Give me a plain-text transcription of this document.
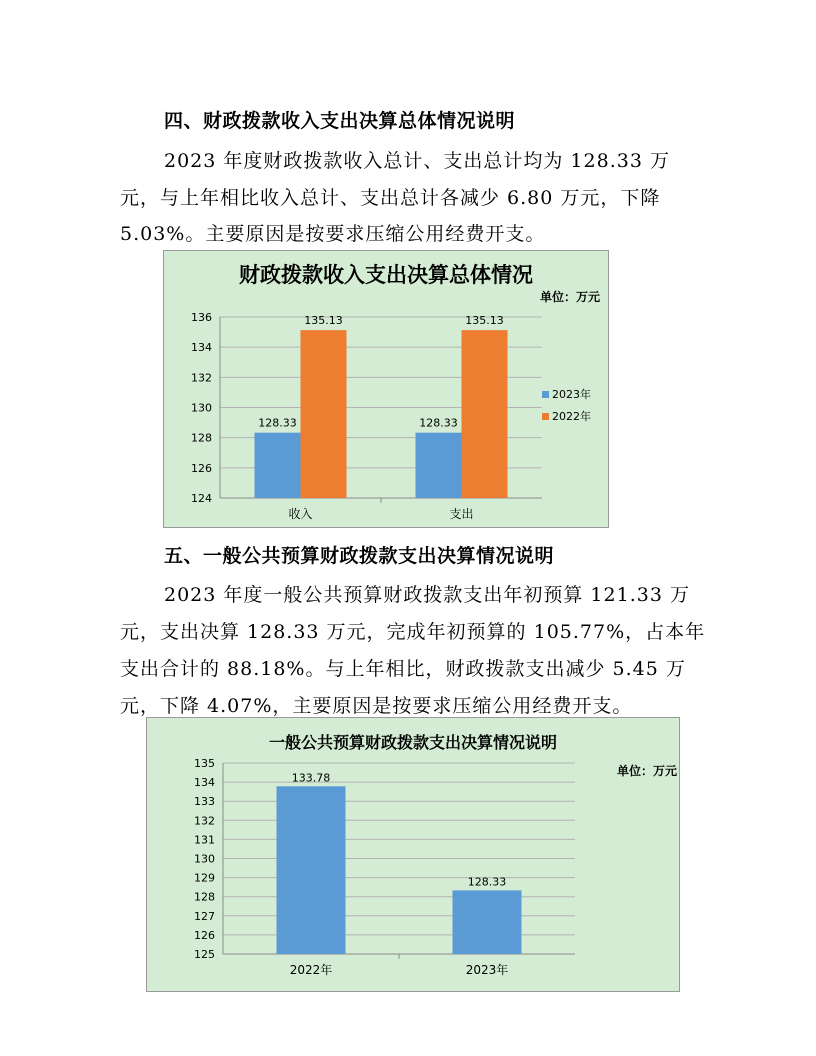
四、财政拨款收入支出决算总体情况说明
2023 年度财政拨款收入总计、支出总计均为 128.33 万
元，与上年相比收入总计、支出总计各减少 6.80 万元，下降
5.03%。主要原因是按要求压缩公用经费开支。
财政拨款收入支出决算总体情况
单位：万元
124
126
128
130
132
134
136
128.33
135.13
收入
128.33
135.13
支出
2023年
2022年
五、一般公共预算财政拨款支出决算情况说明
2023 年度一般公共预算财政拨款支出年初预算 121.33 万
元，支出决算 128.33 万元，完成年初预算的 105.77%，占本年
支出合计的 88.18%。与上年相比，财政拨款支出减少 5.45 万
元，下降 4.07%，主要原因是按要求压缩公用经费开支。
一般公共预算财政拨款支出决算情况说明
单位：万元
125
126
127
128
129
130
131
132
133
134
135
133.78
2022年
128.33
2023年
